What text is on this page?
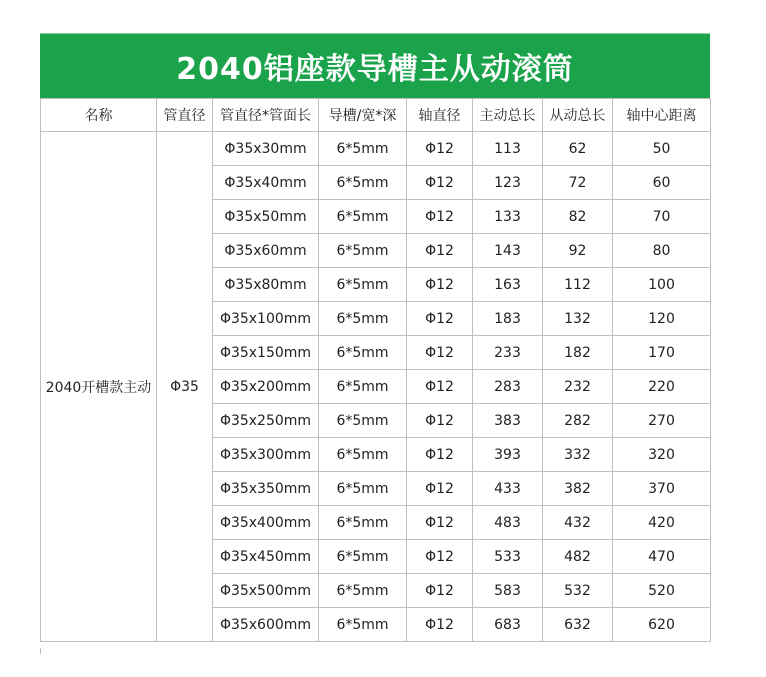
2040铝座款导槽主从动滚筒
名称	管直径	管直径*管面长	导槽/宽*深	轴直径	主动总长	从动总长	轴中心距离
2040开槽款主动	Φ35	Φ35x30mm	6*5mm	Φ12	113	62	50
		Φ35x40mm	6*5mm	Φ12	123	72	60
		Φ35x50mm	6*5mm	Φ12	133	82	70
		Φ35x60mm	6*5mm	Φ12	143	92	80
		Φ35x80mm	6*5mm	Φ12	163	112	100
		Φ35x100mm	6*5mm	Φ12	183	132	120
		Φ35x150mm	6*5mm	Φ12	233	182	170
		Φ35x200mm	6*5mm	Φ12	283	232	220
		Φ35x250mm	6*5mm	Φ12	383	282	270
		Φ35x300mm	6*5mm	Φ12	393	332	320
		Φ35x350mm	6*5mm	Φ12	433	382	370
		Φ35x400mm	6*5mm	Φ12	483	432	420
		Φ35x450mm	6*5mm	Φ12	533	482	470
		Φ35x500mm	6*5mm	Φ12	583	532	520
		Φ35x600mm	6*5mm	Φ12	683	632	620
